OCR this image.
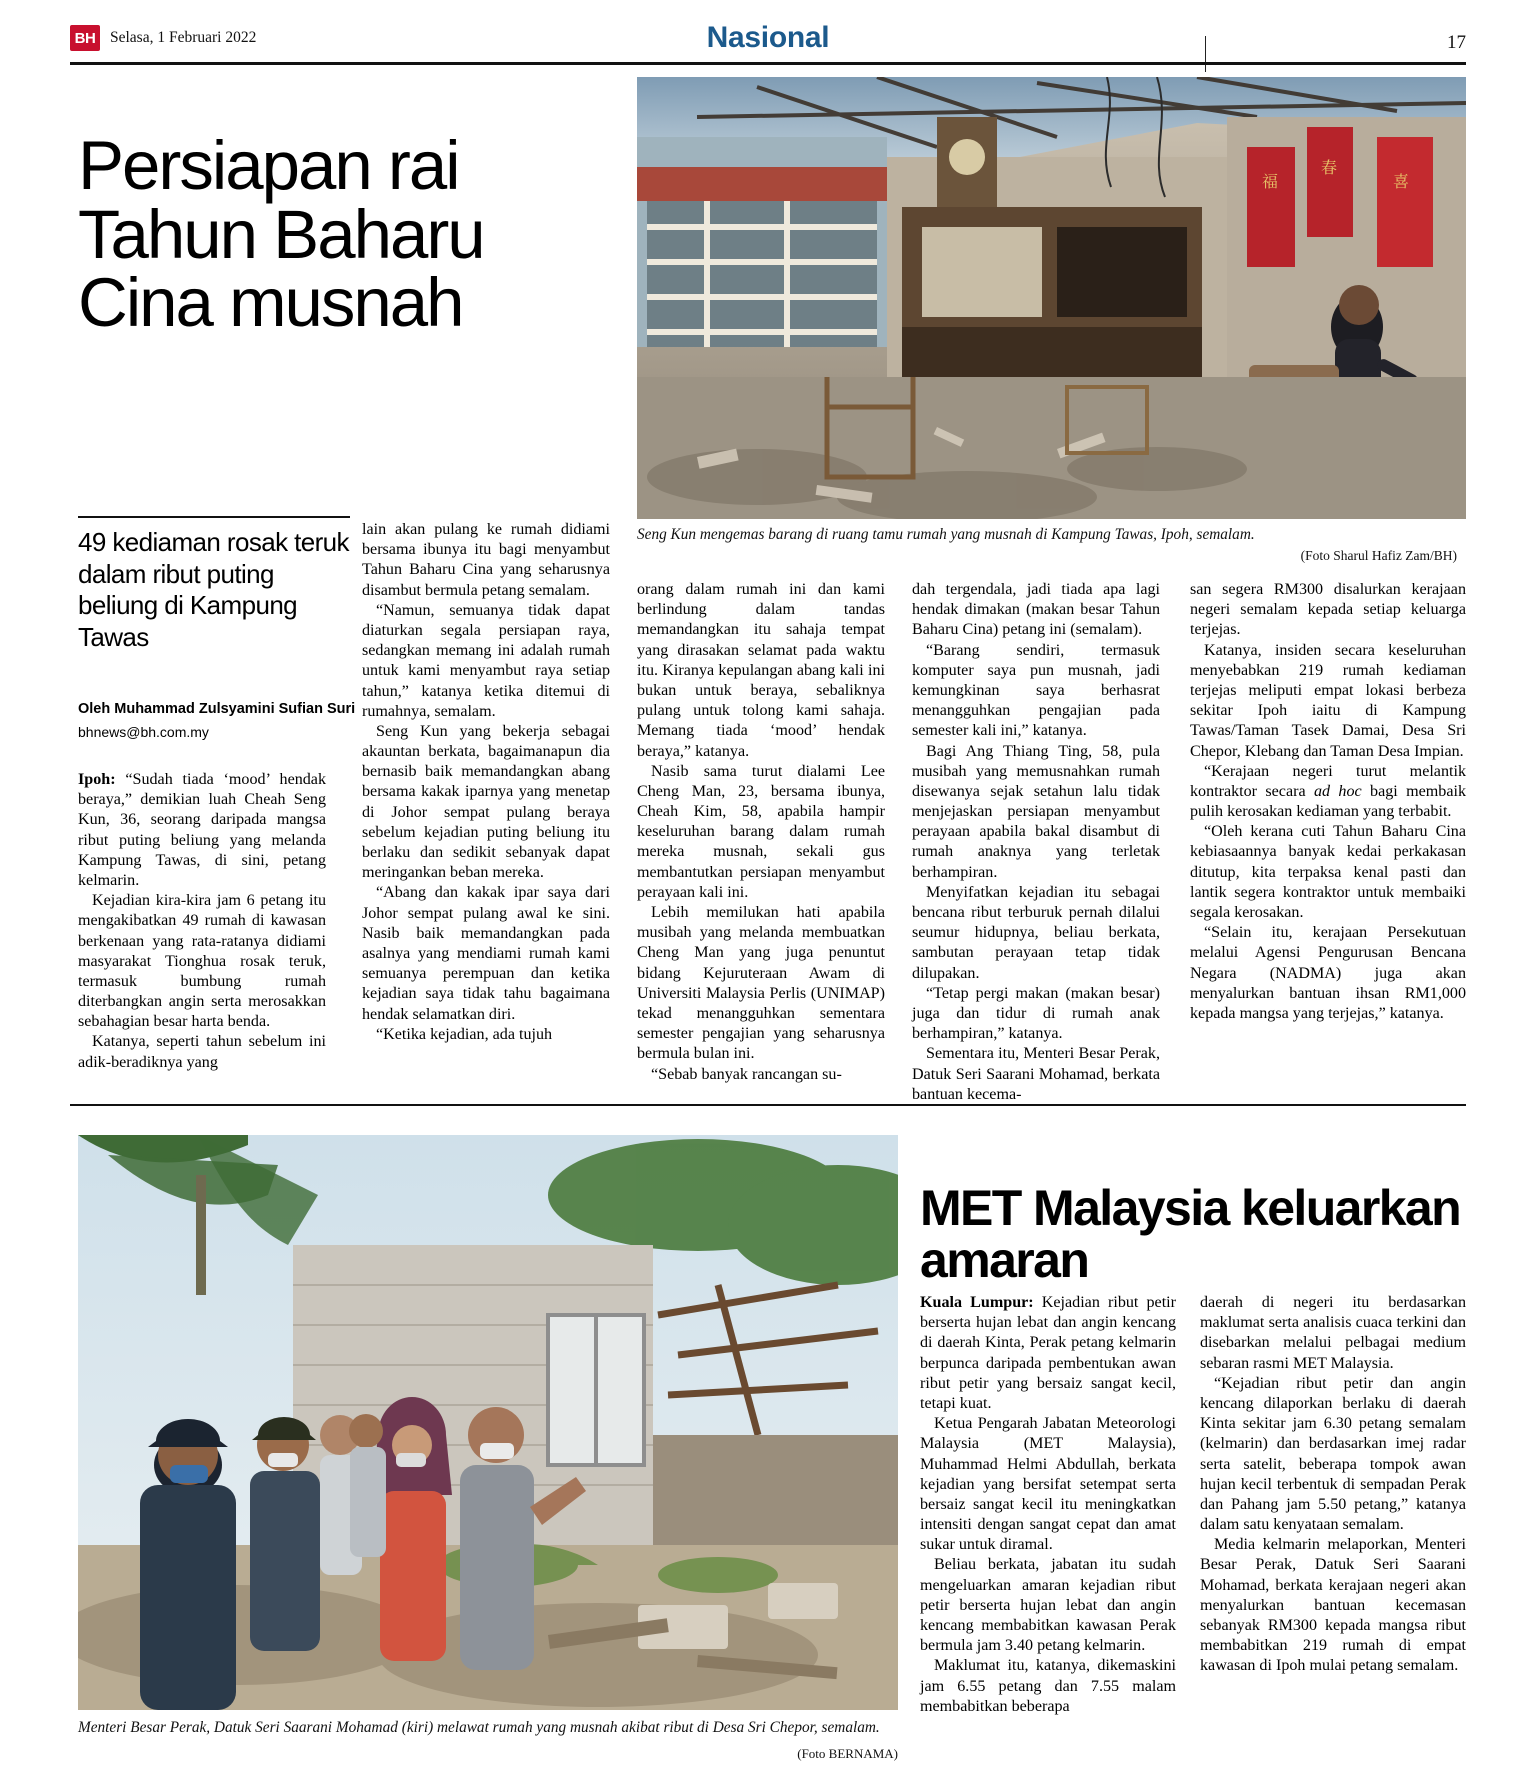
BH Selasa, 1 Februari 2022	Nasional	17
Persiapan rai Tahun Baharu Cina musnah
49 kediaman rosak teruk dalam ribut puting beliung di Kampung Tawas
Oleh Muhammad Zulsyamini Sufian Suri
bhnews@bh.com.my
福
春
喜
Seng Kun mengemas barang di ruang tamu rumah yang musnah di Kampung Tawas, Ipoh, semalam.
(Foto Sharul Hafiz Zam/BH)

lain akan pulang ke rumah didiami bersama ibunya itu bagi menyambut Tahun Baharu Cina yang seharusnya disambut bermula petang semalam.

“Namun, semuanya tidak dapat diaturkan segala persiapan raya, sedangkan memang ini adalah rumah untuk kami menyambut raya setiap tahun,” katanya ketika ditemui di rumahnya, semalam.

Seng Kun yang bekerja sebagai akauntan berkata, bagaimanapun dia bernasib baik memandangkan abang bersama kakak iparnya yang menetap di Johor sempat pulang beraya sebelum kejadian puting beliung itu berlaku dan sedikit sebanyak dapat meringankan beban mereka.

“Abang dan kakak ipar saya dari Johor sempat pulang awal ke sini. Nasib baik memandangkan pada asalnya yang mendiami rumah kami semuanya perempuan dan ketika kejadian saya tidak tahu bagaimana hendak selamatkan diri.

“Ketika kejadian, ada tujuh

Ipoh: “Sudah tiada ‘mood’ hendak beraya,” demikian luah Cheah Seng Kun, 36, seorang daripada mangsa ribut puting beliung yang melanda Kampung Tawas, di sini, petang kelmarin.

Kejadian kira-kira jam 6 petang itu mengakibatkan 49 rumah di kawasan berkenaan yang rata-ratanya didiami masyarakat Tionghua rosak teruk, termasuk bumbung rumah diterbangkan angin serta merosakkan sebahagian besar harta benda.

Katanya, seperti tahun sebelum ini adik-beradiknya yang

orang dalam rumah ini dan kami berlindung dalam tandas memandangkan itu sahaja tempat yang dirasakan selamat pada waktu itu. Kiranya kepulangan abang kali ini bukan untuk beraya, sebaliknya pulang untuk tolong kami sahaja. Memang tiada ‘mood’ hendak beraya,” katanya.

Nasib sama turut dialami Lee Cheng Man, 23, bersama ibunya, Cheah Kim, 58, apabila hampir keseluruhan barang dalam rumah mereka musnah, sekali gus membantutkan persiapan menyambut perayaan kali ini.

Lebih memilukan hati apabila musibah yang melanda membuatkan Cheng Man yang juga penuntut bidang Kejuruteraan Awam di Universiti Malaysia Perlis (UNIMAP) tekad menangguhkan sementara semester pengajian yang seharusnya bermula bulan ini.

“Sebab banyak rancangan su-

dah tergendala, jadi tiada apa lagi hendak dimakan (makan besar Tahun Baharu Cina) petang ini (semalam).

“Barang sendiri, termasuk komputer saya pun musnah, jadi kemungkinan saya berhasrat menangguhkan pengajian pada semester kali ini,” katanya.

Bagi Ang Thiang Ting, 58, pula musibah yang memusnahkan rumah disewanya sejak setahun lalu tidak menjejaskan persiapan menyambut perayaan apabila bakal disambut di rumah anaknya yang terletak berhampiran.

Menyifatkan kejadian itu sebagai bencana ribut terburuk pernah dilalui seumur hidupnya, beliau berkata, sambutan perayaan tetap tidak dilupakan.

“Tetap pergi makan (makan besar) juga dan tidur di rumah anak berhampiran,” katanya.

Sementara itu, Menteri Besar Perak, Datuk Seri Saarani Mohamad, berkata bantuan kecema-

san segera RM300 disalurkan kerajaan negeri semalam kepada setiap keluarga terjejas.

Katanya, insiden secara keseluruhan menyebabkan 219 rumah kediaman terjejas meliputi empat lokasi berbeza sekitar Ipoh iaitu di Kampung Tawas/Taman Tasek Damai, Desa Sri Chepor, Klebang dan Taman Desa Impian.

“Kerajaan negeri turut melantik kontraktor secara ad hoc bagi membaik pulih kerosakan kediaman yang terbabit.

“Oleh kerana cuti Tahun Baharu Cina kebiasaannya banyak kedai perkakasan ditutup, kita terpaksa kenal pasti dan lantik segera kontraktor untuk membaiki segala kerosakan.

“Selain itu, kerajaan Persekutuan melalui Agensi Pengurusan Bencana Negara (NADMA) juga akan menyalurkan bantuan ihsan RM1,000 kepada mangsa yang terjejas,” katanya.

Menteri Besar Perak, Datuk Seri Saarani Mohamad (kiri) melawat rumah yang musnah akibat ribut di Desa Sri Chepor, semalam.
(Foto BERNAMA)
MET Malaysia keluarkan amaran

Kuala Lumpur: Kejadian ribut petir berserta hujan lebat dan angin kencang di daerah Kinta, Perak petang kelmarin berpunca daripada pembentukan awan ribut petir yang bersaiz sangat kecil, tetapi kuat.

Ketua Pengarah Jabatan Meteorologi Malaysia (MET Malaysia), Muhammad Helmi Abdullah, berkata kejadian yang bersifat setempat serta bersaiz sangat kecil itu meningkatkan intensiti dengan sangat cepat dan amat sukar untuk diramal.

Beliau berkata, jabatan itu sudah mengeluarkan amaran kejadian ribut petir berserta hujan lebat dan angin kencang membabitkan kawasan Perak bermula jam 3.40 petang kelmarin.

Maklumat itu, katanya, dikemaskini jam 6.55 petang dan 7.55 malam membabitkan beberapa

daerah di negeri itu berdasarkan maklumat serta analisis cuaca terkini dan disebarkan melalui pelbagai medium sebaran rasmi MET Malaysia.

“Kejadian ribut petir dan angin kencang dilaporkan berlaku di daerah Kinta sekitar jam 6.30 petang semalam (kelmarin) dan berdasarkan imej radar serta satelit, beberapa tompok awan hujan kecil terbentuk di sempadan Perak dan Pahang jam 5.50 petang,” katanya dalam satu kenyataan semalam.

Media kelmarin melaporkan, Menteri Besar Perak, Datuk Seri Saarani Mohamad, berkata kerajaan negeri akan menyalurkan bantuan kecemasan sebanyak RM300 kepada mangsa ribut membabitkan 219 rumah di empat kawasan di Ipoh mulai petang semalam.
